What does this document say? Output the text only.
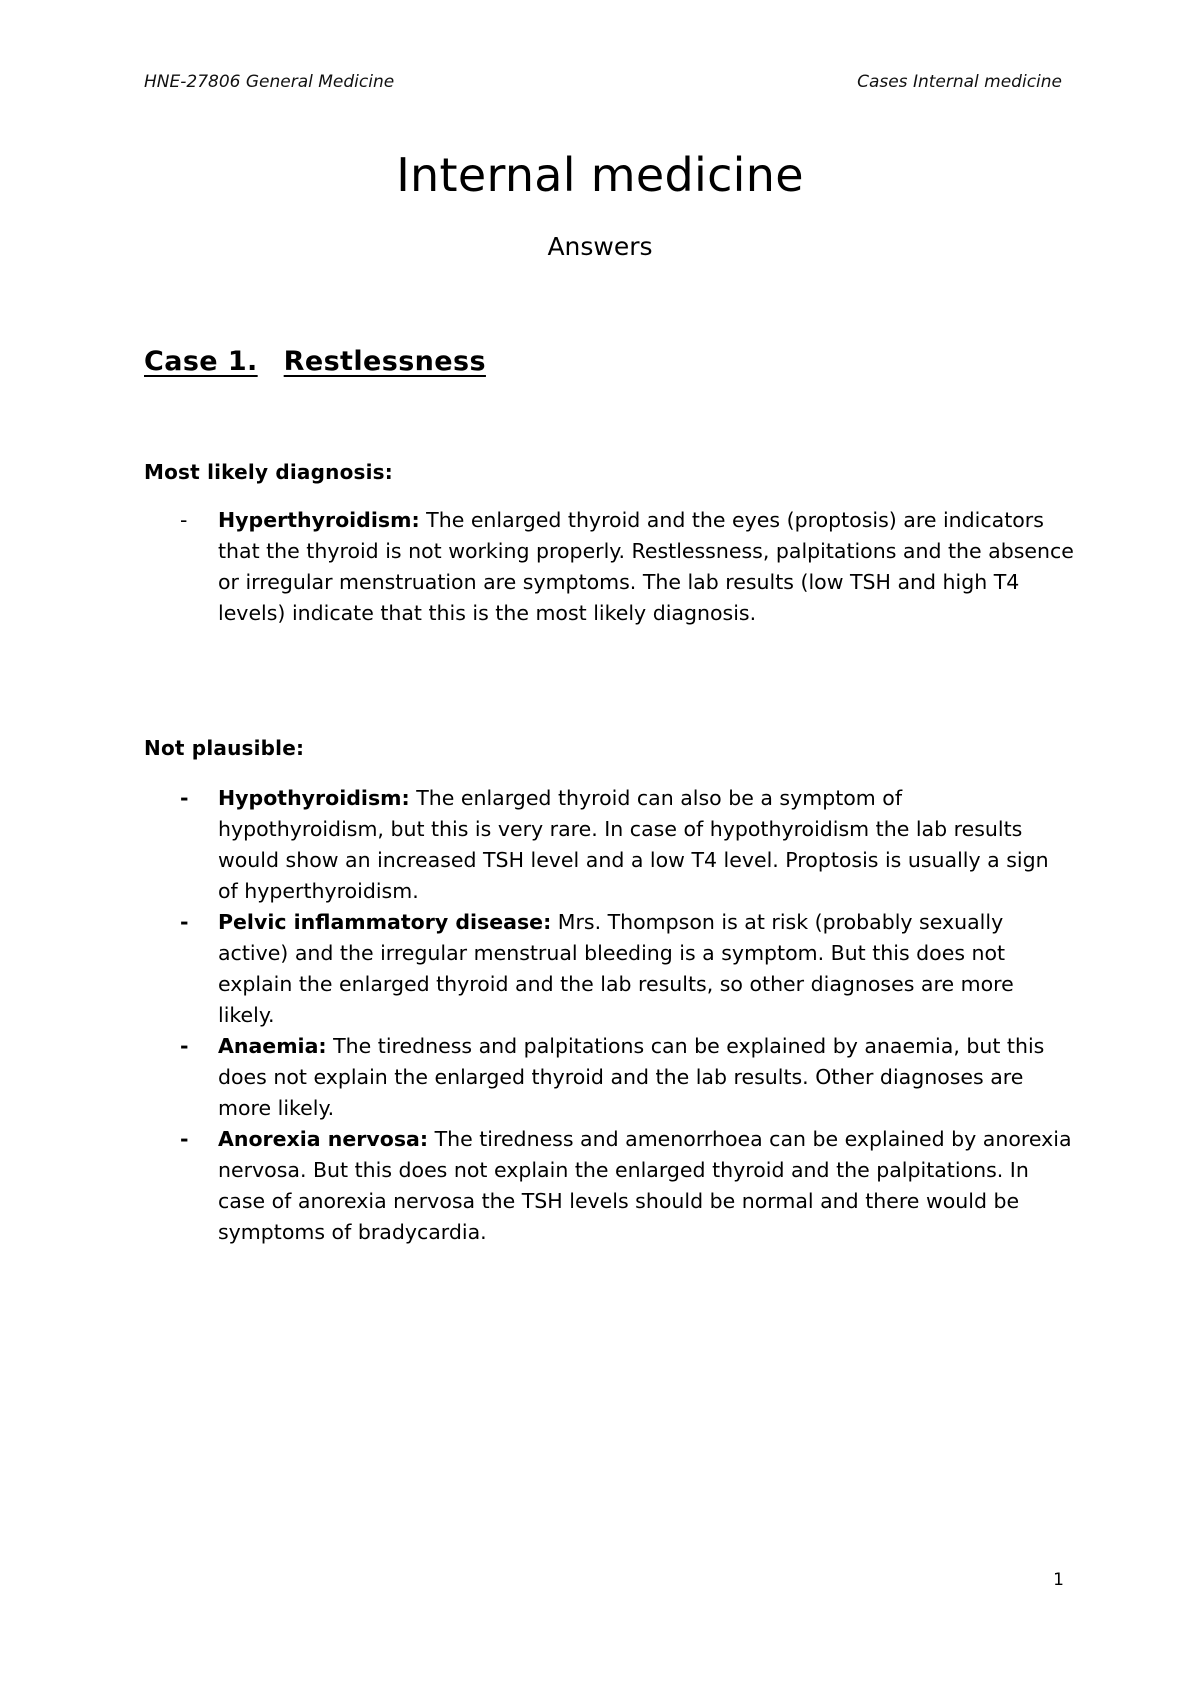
HNE-27806 General Medicine	Cases Internal medicine
Internal medicine
Answers
Case 1. Restlessness
Most likely diagnosis:
- Hyperthyroidism: The enlarged thyroid and the eyes (proptosis) are indicators that the thyroid is not working properly. Restlessness, palpitations and the absence or irregular menstruation are symptoms. The lab results (low TSH and high T4 levels) indicate that this is the most likely diagnosis.
Not plausible:
- Hypothyroidism: The enlarged thyroid can also be a symptom of hypothyroidism, but this is very rare. In case of hypothyroidism the lab results would show an increased TSH level and a low T4 level. Proptosis is usually a sign of hyperthyroidism.
- Pelvic inflammatory disease: Mrs. Thompson is at risk (probably sexually active) and the irregular menstrual bleeding is a symptom. But this does not explain the enlarged thyroid and the lab results, so other diagnoses are more likely.
- Anaemia: The tiredness and palpitations can be explained by anaemia, but this does not explain the enlarged thyroid and the lab results. Other diagnoses are more likely.
- Anorexia nervosa: The tiredness and amenorrhoea can be explained by anorexia nervosa. But this does not explain the enlarged thyroid and the palpitations. In case of anorexia nervosa the TSH levels should be normal and there would be symptoms of bradycardia.
1
